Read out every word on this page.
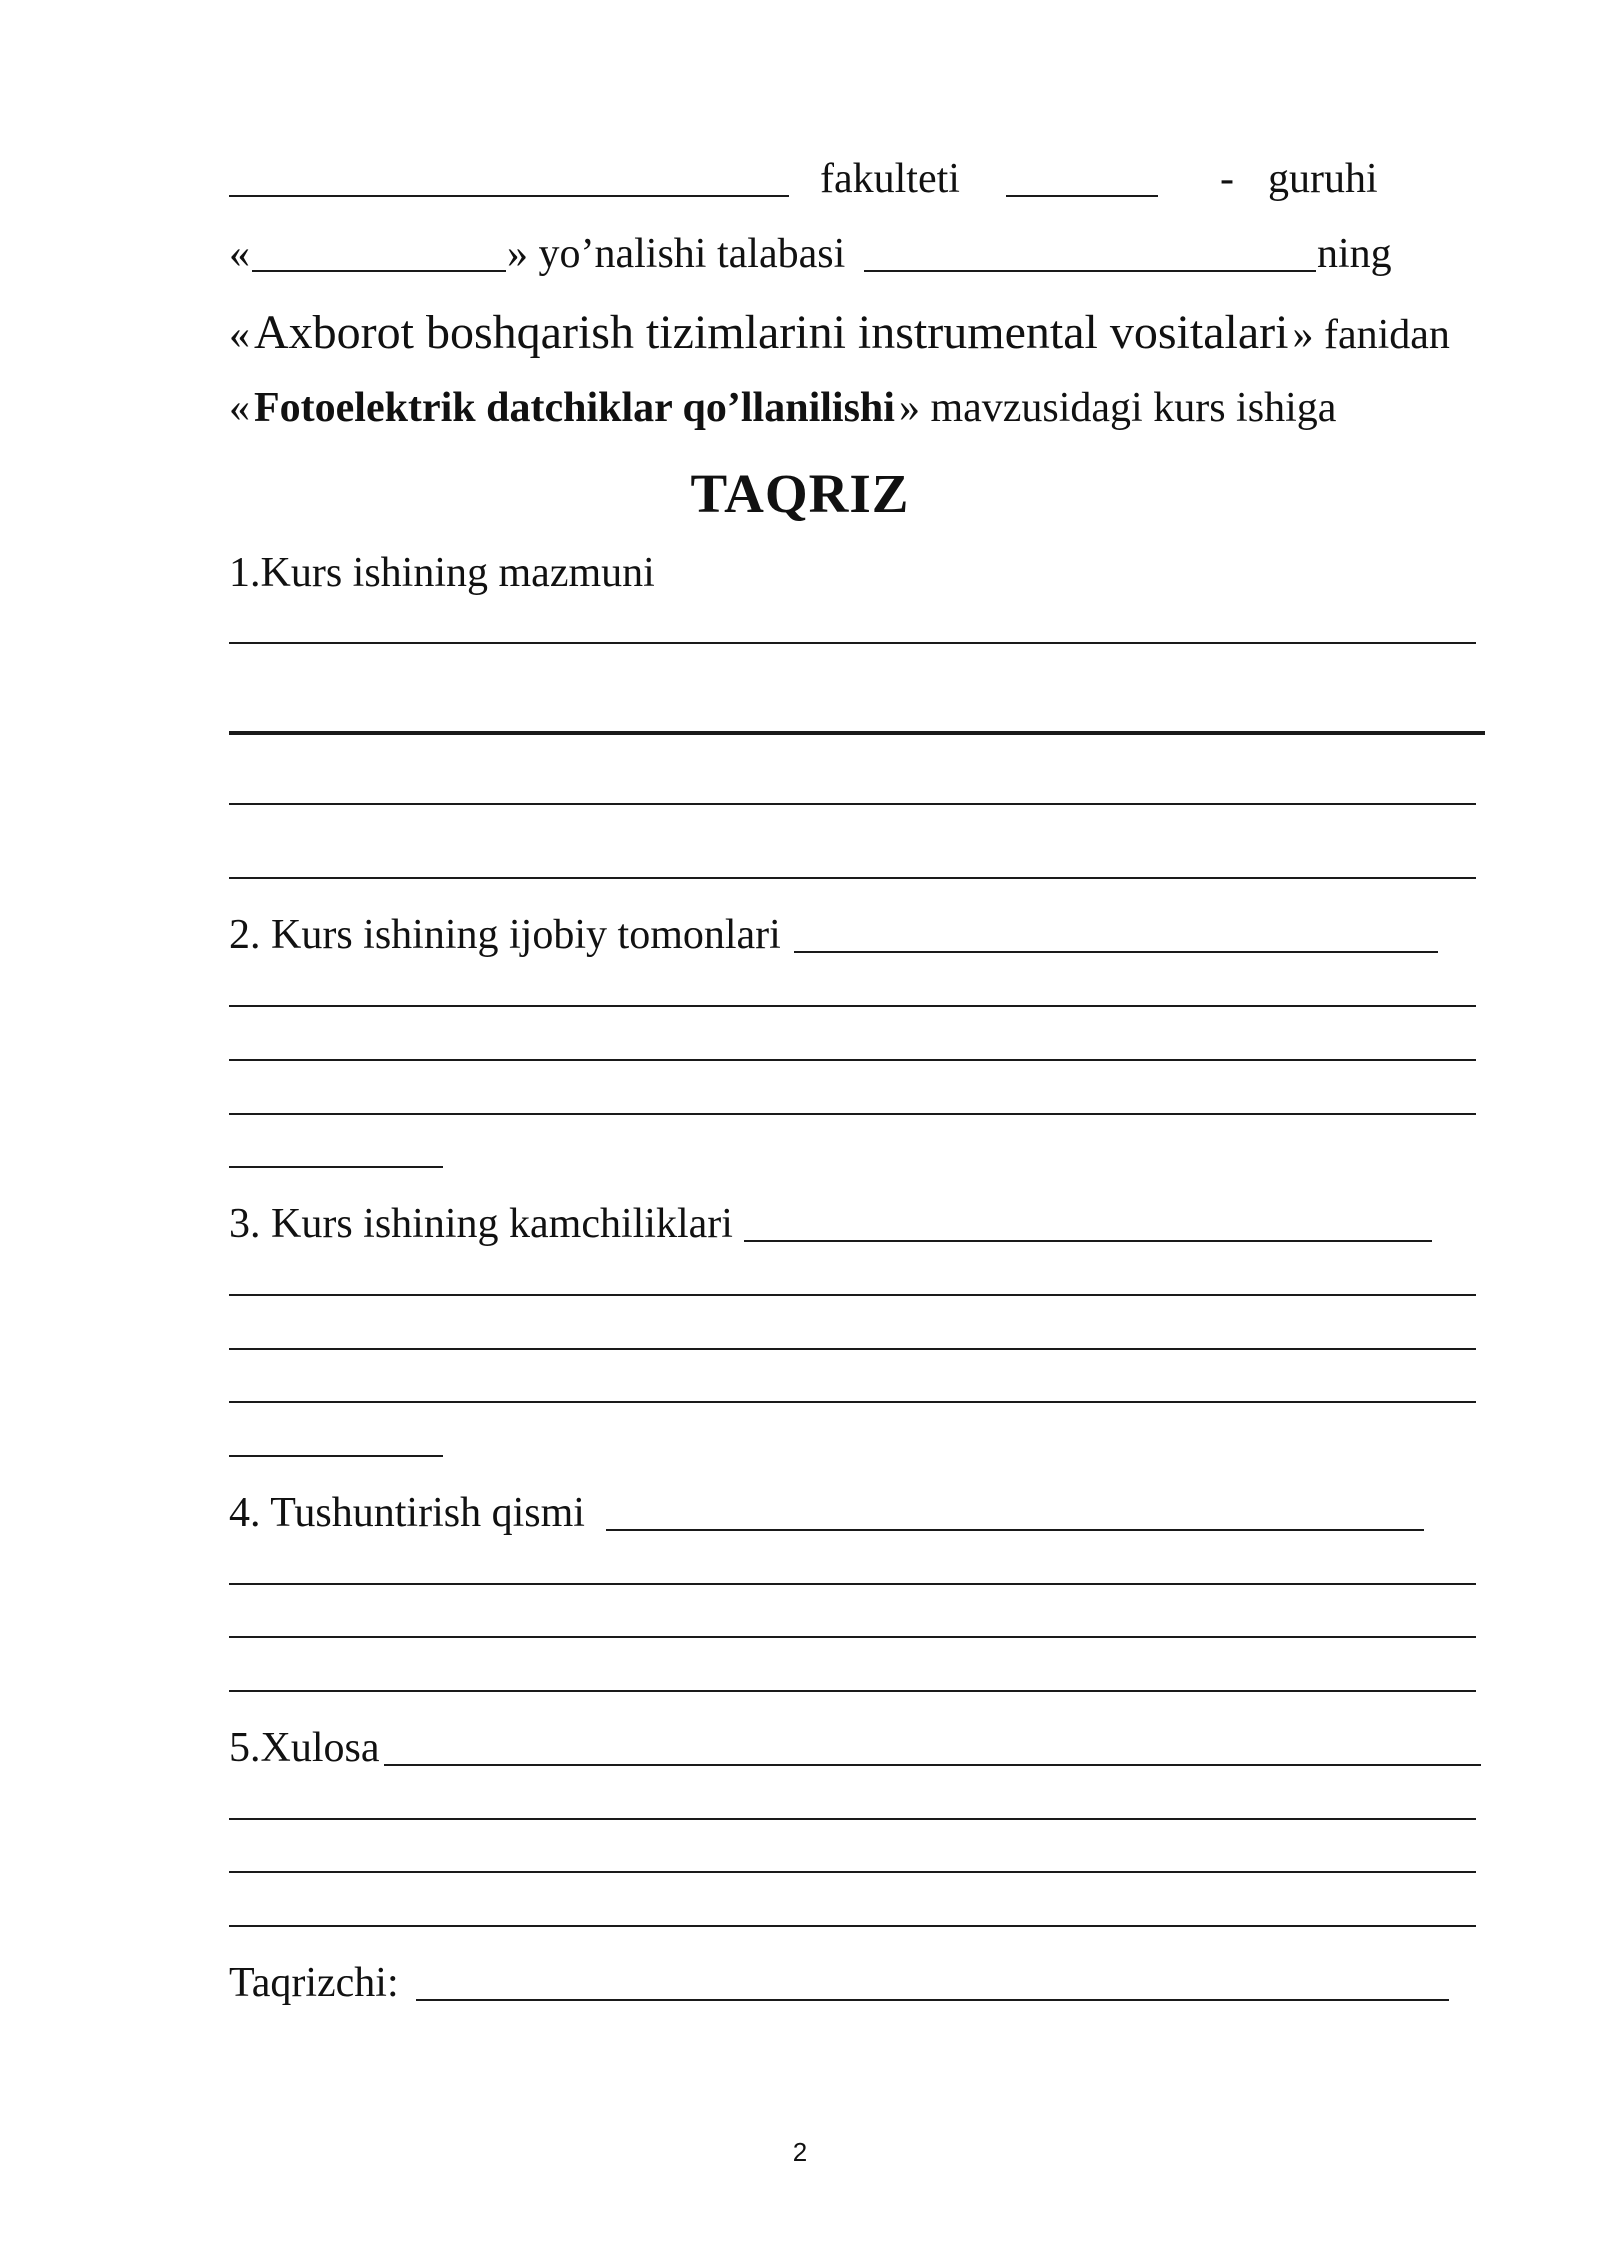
fakulteti	- guruhi
«	» yo’nalishi talabasi	ning
« Axborot boshqarish tizimlarini instrumental vositalari » fanidan
« Fotoelektrik datchiklar qo’llanilishi » mavzusidagi kurs ishiga
TAQRIZ
1.Kurs ishining mazmuni
2. Kurs ishining ijobiy tomonlari
3. Kurs ishining kamchiliklari
4. Tushuntirish qismi
5.Xulosa
Taqrizchi:
2
